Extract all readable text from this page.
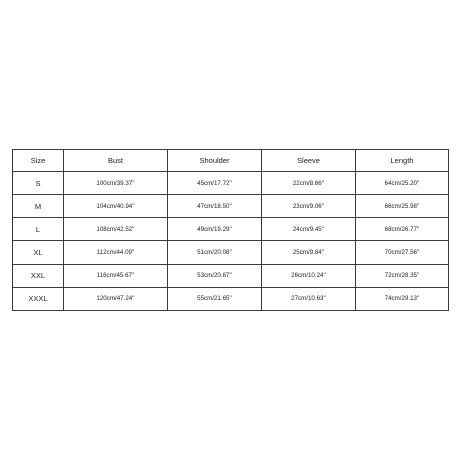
Size	Bust	Shoulder	Sleeve	Length
S	100cm/39.37''	45cm/17.72''	22cm/8.66''	64cm/25.20''
M	104cm/40.94''	47cm/18.50''	23cm/9.06''	66cm/25.98''
L	108cm/42.52''	49cm/19.29''	24cm/9.45''	68cm/26.77''
XL	112cm/44.09''	51cm/20.08''	25cm/9.84''	70cm/27.56''
XXL	116cm/45.67''	53cm/20.87''	26cm/10.24''	72cm/28.35''
XXXL	120cm/47.24''	55cm/21.65''	27cm/10.63''	74cm/29.13''
